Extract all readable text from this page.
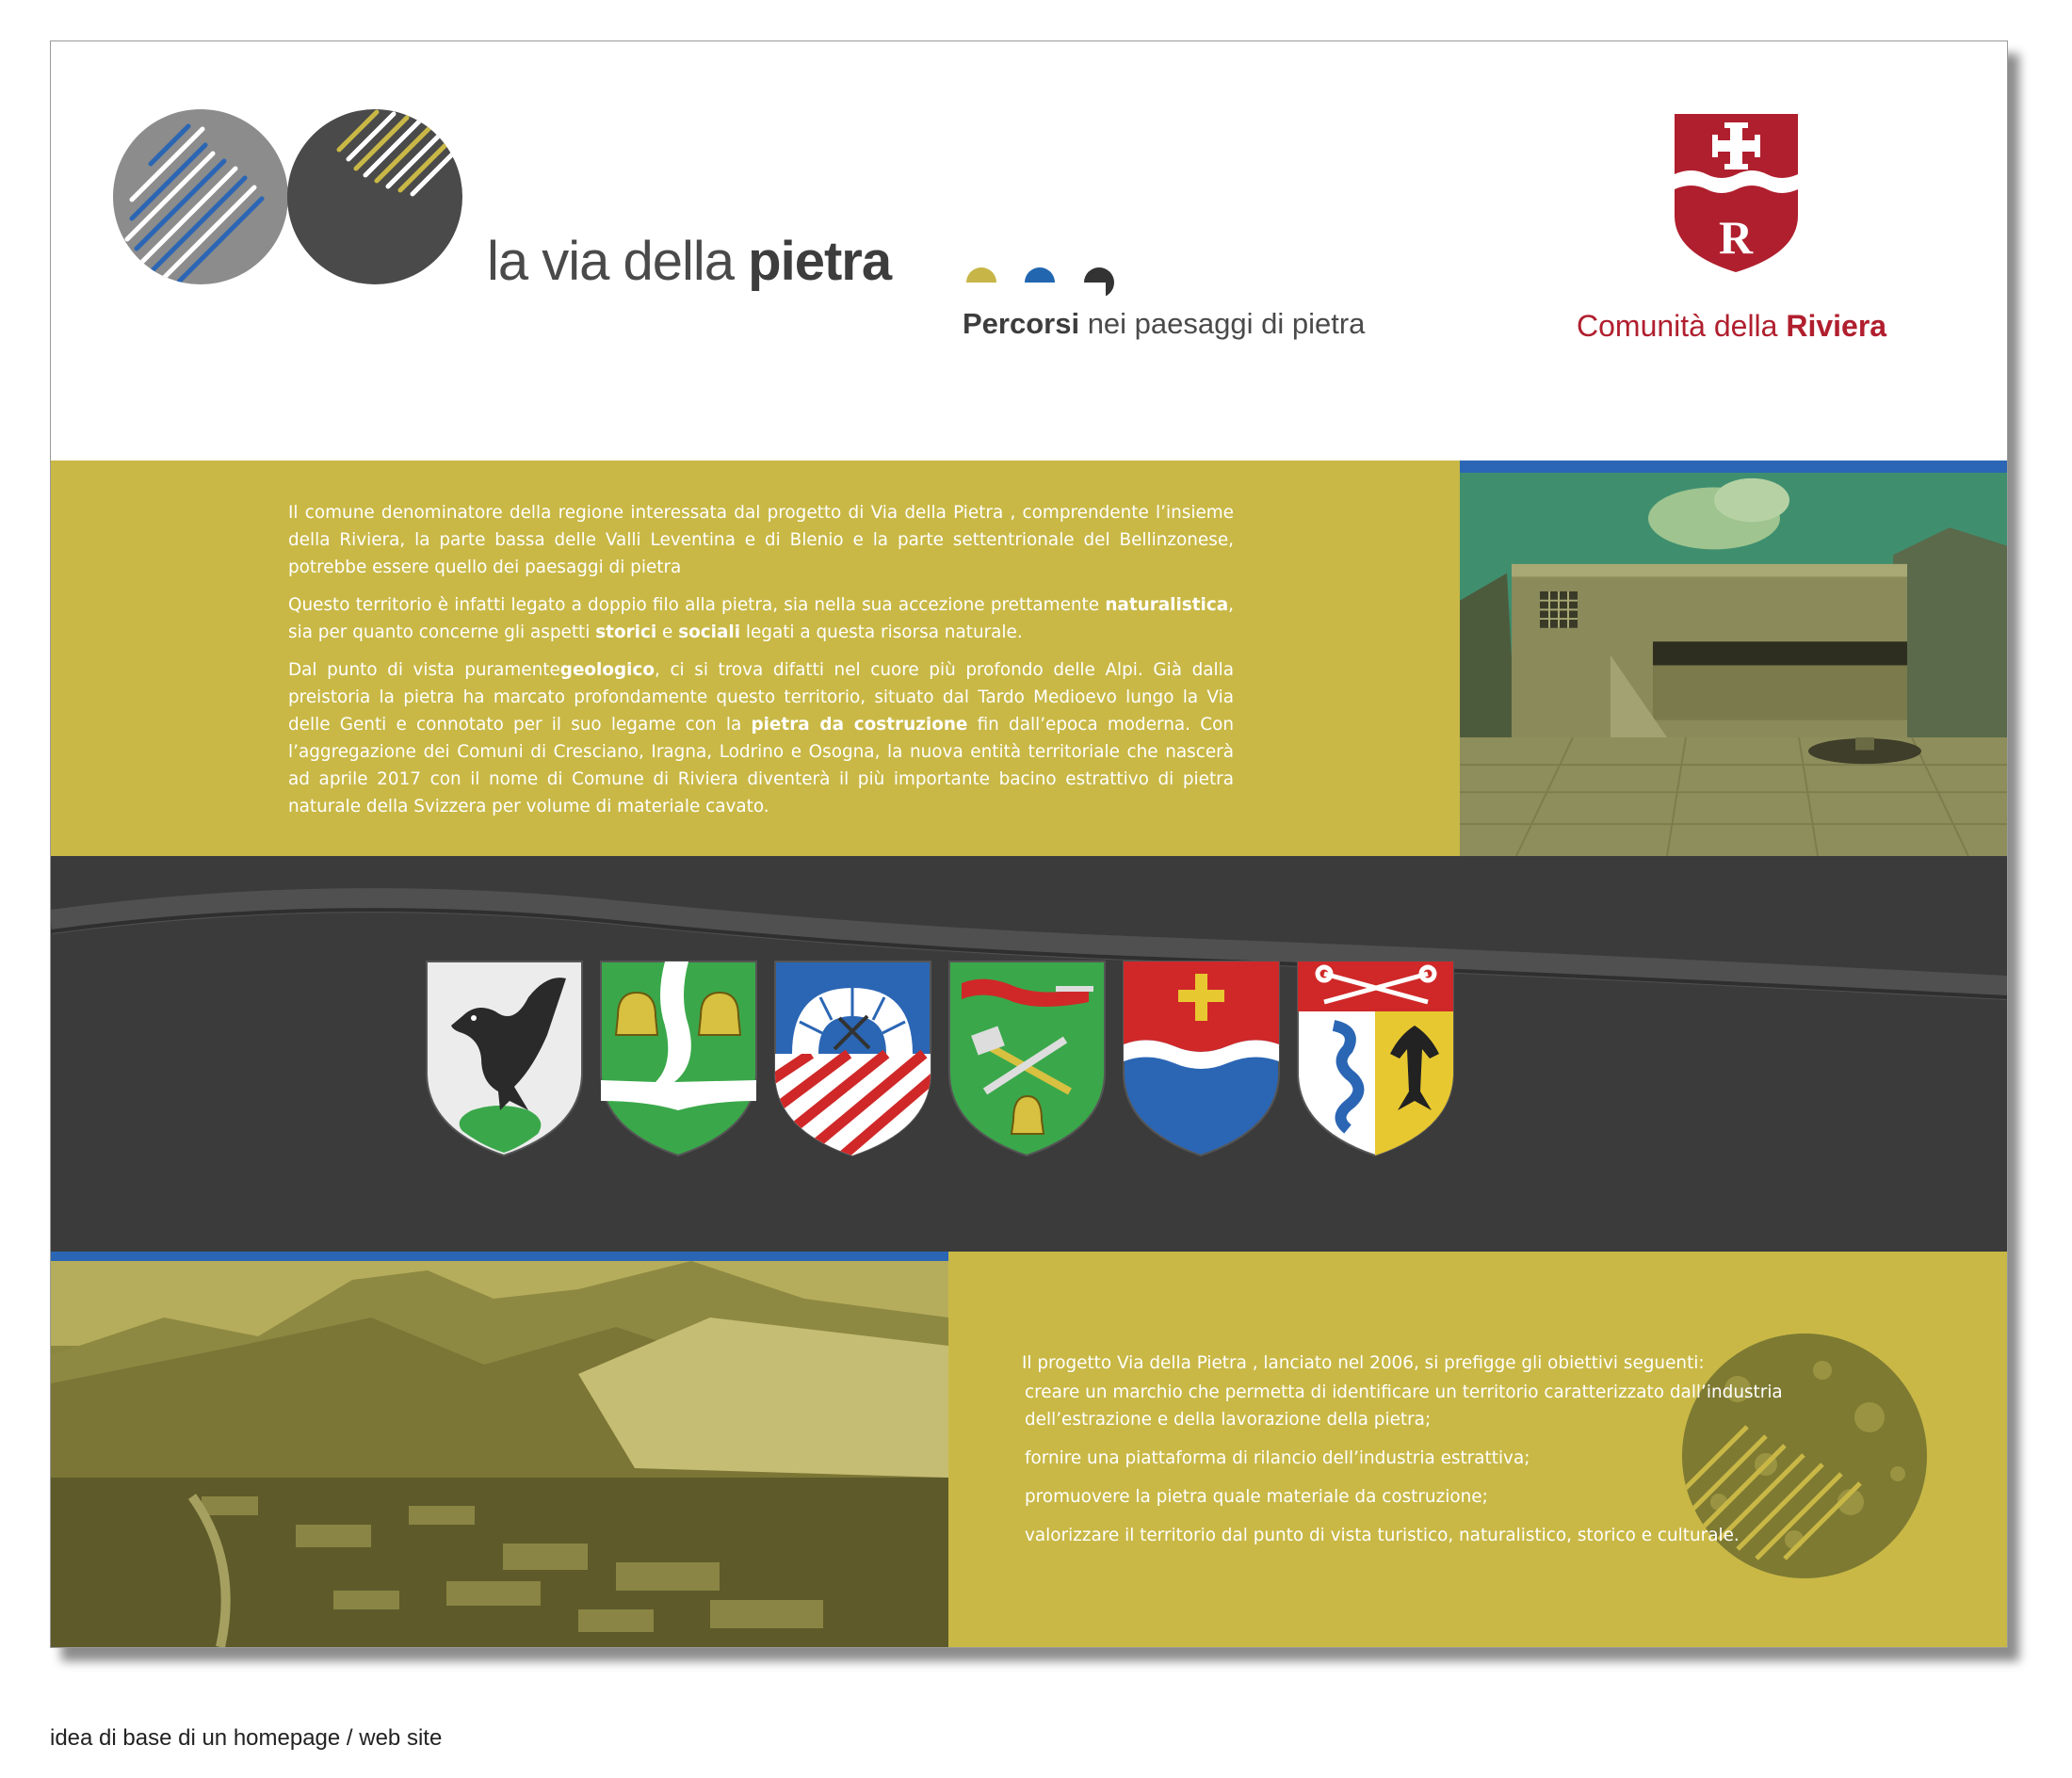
la via della pietra
Percorsi nei paesaggi di pietra
R
Comunità della Riviera

Il comune denominatore della regione interessata dal progetto di Via della Pietra , comprendente l’insieme della Riviera, la parte bassa delle Valli Leventina e di Blenio e la parte settentrionale del Bellinzonese, potrebbe essere quello dei paesaggi di pietra

Questo territorio è infatti legato a doppio filo alla pietra, sia nella sua accezione prettamente naturalistica, sia per quanto concerne gli aspetti storici e sociali legati a questa risorsa naturale.

Dal punto di vista puramentegeologico, ci si trova difatti nel cuore più profondo delle Alpi. Già dalla preistoria la pietra ha marcato profondamente questo territorio, situato dal Tardo Medioevo lungo la Via delle Genti e connotato per il suo legame con la pietra da costruzione fin dall’epoca moderna. Con l’aggregazione dei Comuni di Cresciano, Iragna, Lodrino e Osogna, la nuova entità territoriale che nascerà ad aprile 2017 con il nome di Comune di Riviera diventerà il più importante bacino estrattivo di pietra naturale della Svizzera per volume di materiale cavato.

Il progetto Via della Pietra , lanciato nel 2006, si prefigge gli obiettivi seguenti:

creare un marchio che permetta di identificare un territorio caratterizzato dall’industria dell’estrazione e della lavorazione della pietra;
fornire una piattaforma di rilancio dell’industria estrattiva;
promuovere la pietra quale materiale da costruzione;
valorizzare il territorio dal punto di vista turistico, naturalistico, storico e culturale.
idea di base di un homepage / web site
